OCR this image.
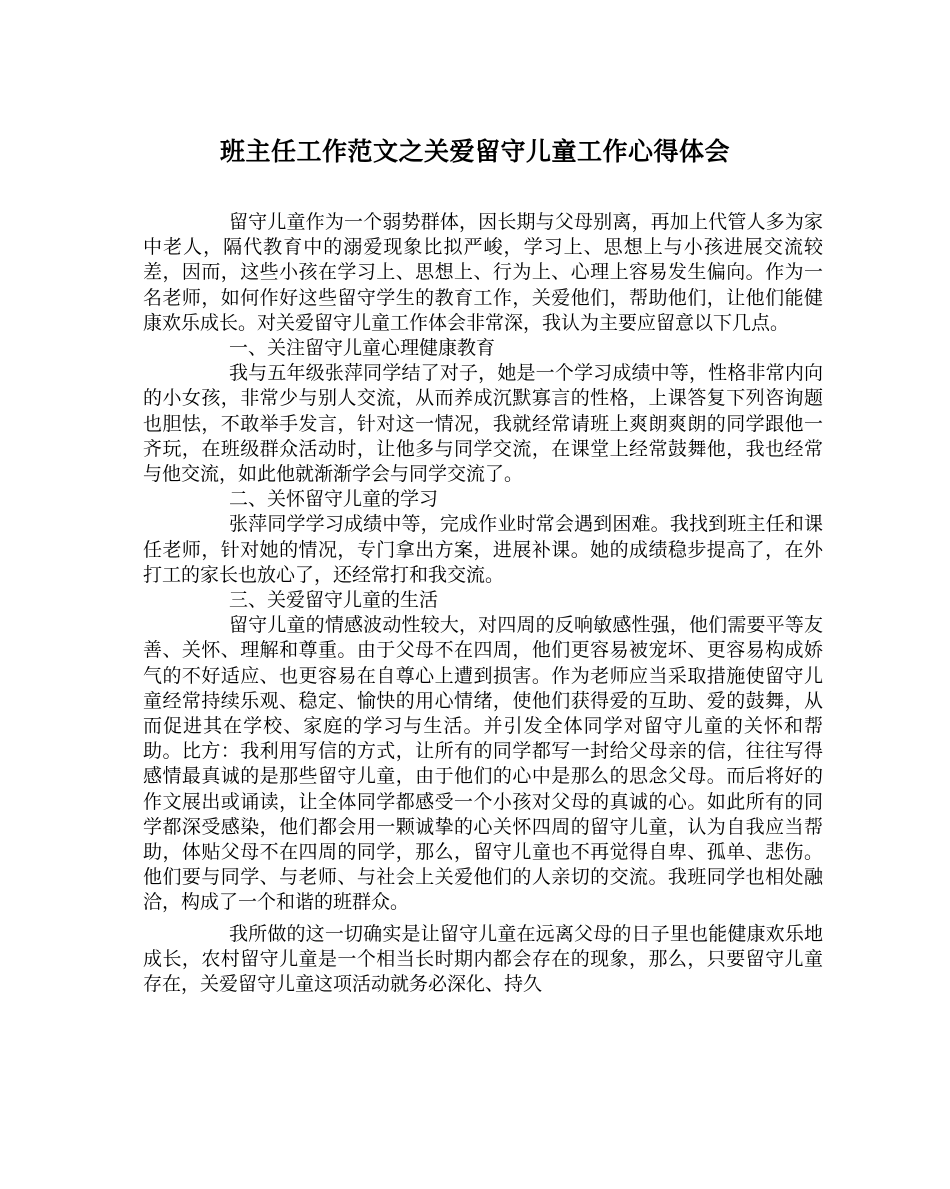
班主任工作范文之关爱留守儿童工作心得体会

留守儿童作为一个弱势群体，因长期与父母别离，再加上代管人多为家中老人，隔代教育中的溺爱现象比拟严峻，学习上、思想上与小孩进展交流较差，因而，这些小孩在学习上、思想上、行为上、心理上容易发生偏向。作为一名老师，如何作好这些留守学生的教育工作，关爱他们，帮助他们，让他们能健康欢乐成长。对关爱留守儿童工作体会非常深，我认为主要应留意以下几点。

一、关注留守儿童心理健康教育

我与五年级张萍同学结了对子，她是一个学习成绩中等，性格非常内向的小女孩，非常少与别人交流，从而养成沉默寡言的性格，上课答复下列咨询题也胆怯，不敢举手发言，针对这一情况，我就经常请班上爽朗爽朗的同学跟他一齐玩，在班级群众活动时，让他多与同学交流，在课堂上经常鼓舞他，我也经常与他交流，如此他就渐渐学会与同学交流了。

二、关怀留守儿童的学习

张萍同学学习成绩中等，完成作业时常会遇到困难。我找到班主任和课任老师，针对她的情况，专门拿出方案，进展补课。她的成绩稳步提高了，在外打工的家长也放心了，还经常打和我交流。

三、关爱留守儿童的生活

留守儿童的情感波动性较大，对四周的反响敏感性强，他们需要平等友善、关怀、理解和尊重。由于父母不在四周，他们更容易被宠坏、更容易构成娇气的不好适应、也更容易在自尊心上遭到损害。作为老师应当采取措施使留守儿童经常持续乐观、稳定、愉快的用心情绪，使他们获得爱的互助、爱的鼓舞，从而促进其在学校、家庭的学习与生活。并引发全体同学对留守儿童的关怀和帮助。比方：我利用写信的方式，让所有的同学都写一封给父母亲的信，往往写得感情最真诚的是那些留守儿童，由于他们的心中是那么的思念父母。而后将好的作文展出或诵读，让全体同学都感受一个小孩对父母的真诚的心。如此所有的同学都深受感染，他们都会用一颗诚挚的心关怀四周的留守儿童，认为自我应当帮助，体贴父母不在四周的同学，那么，留守儿童也不再觉得自卑、孤单、悲伤。他们要与同学、与老师、与社会上关爱他们的人亲切的交流。我班同学也相处融洽，构成了一个和谐的班群众。

我所做的这一切确实是让留守儿童在远离父母的日子里也能健康欢乐地成长，农村留守儿童是一个相当长时期内都会存在的现象，那么，只要留守儿童存在，关爱留守儿童这项活动就务必深化、持久
